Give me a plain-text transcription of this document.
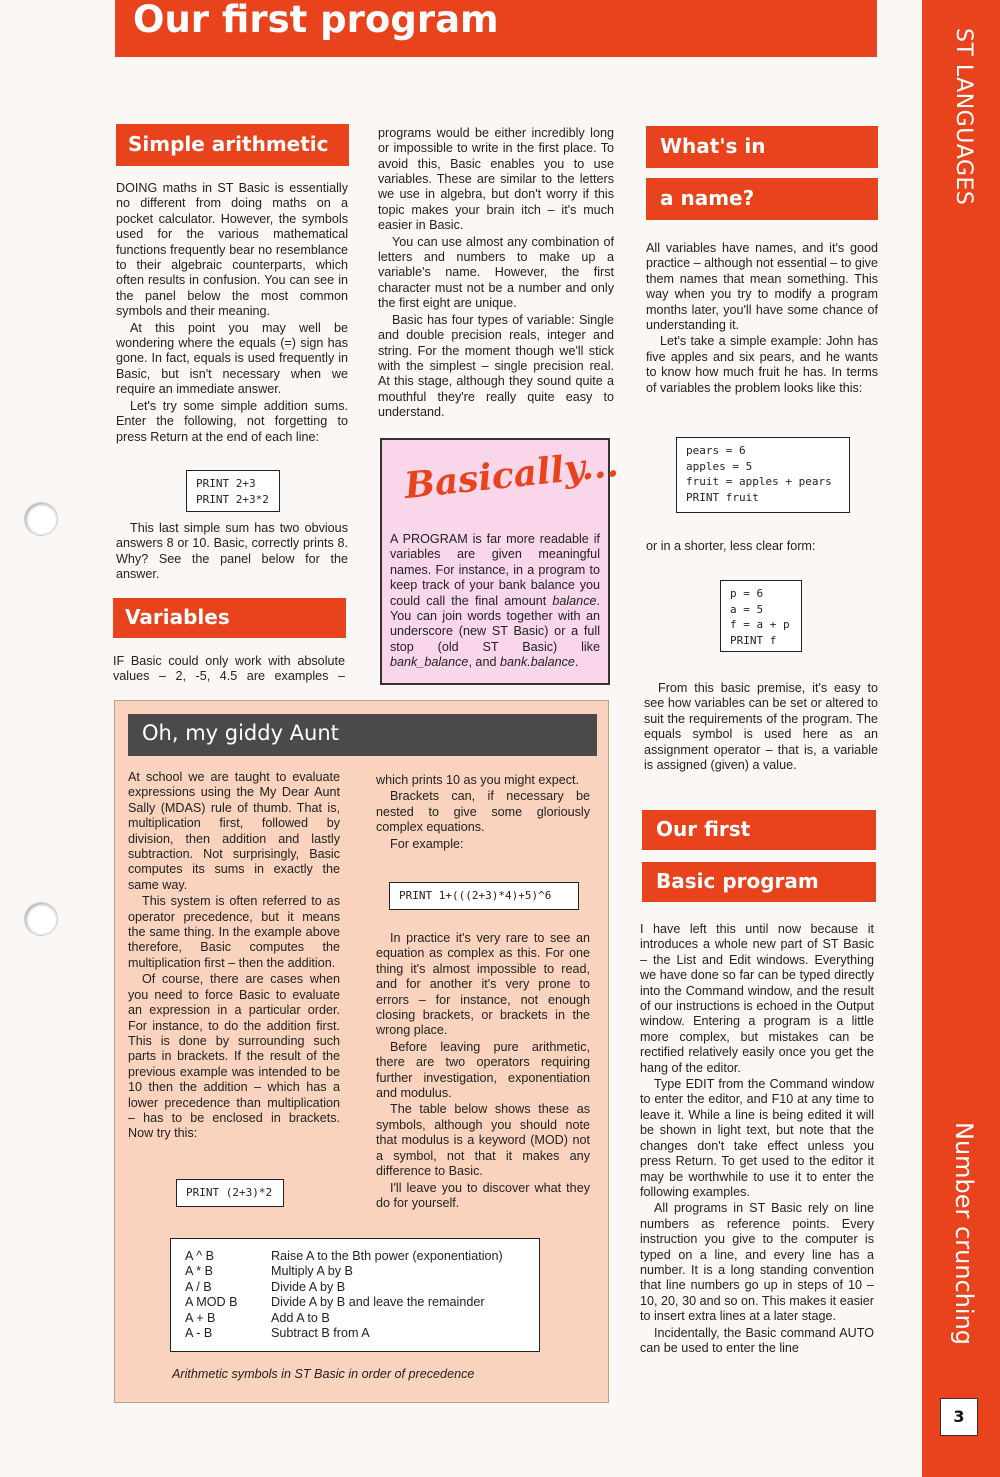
Our first program
ST LANGUAGES
Number crunching
3
Simple arithmetic

DOING maths in ST Basic is essentially no different from doing maths on a pocket calculator. However, the symbols used for the various mathematical functions frequently bear no resemblance to their algebraic counterparts, which often results in confusion. You can see in the panel below the most common symbols and their meaning.

At this point you may well be wondering where the equals (=) sign has gone. In fact, equals is used frequently in Basic, but isn't necessary when we require an immediate answer.

Let's try some simple addition sums. Enter the following, not forgetting to press Return at the end of each line:

PRINT 2+3
PRINT 2+3*2

This last simple sum has two obvious answers 8 or 10. Basic, correctly prints 8. Why? See the panel below for the answer.

Variables

IF Basic could only work with absolute values – 2, -5, 4.5 are examples –

programs would be either incredibly long or impossible to write in the first place. To avoid this, Basic enables you to use variables. These are similar to the letters we use in algebra, but don't worry if this topic makes your brain itch – it's much easier in Basic.

You can use almost any combination of letters and numbers to make up a variable's name. However, the first character must not be a number and only the first eight are unique.

Basic has four types of variable: Single and double precision reals, integer and string. For the moment though we'll stick with the simplest – single precision real. At this stage, although they sound quite a mouthful they're really quite easy to understand.

Basically...
A PROGRAM is far more readable if variables are given meaningful names. For instance, in a program to keep track of your bank balance you could call the final amount balance. You can join words together with an underscore (new ST Basic) or a full stop (old ST Basic) like bank_balance, and bank.balance.
What's in
a name?

All variables have names, and it's good practice – although not essential – to give them names that mean something. This way when you try to modify a program months later, you'll have some chance of understanding it.

Let's take a simple example: John has five apples and six pears, and he wants to know how much fruit he has. In terms of variables the problem looks like this:

pears = 6
apples = 5
fruit = apples + pears
PRINT fruit

or in a shorter, less clear form:

p = 6
a = 5
f = a + p
PRINT f

From this basic premise, it's easy to see how variables can be set or altered to suit the requirements of the program. The equals symbol is used here as an assignment operator – that is, a variable is assigned (given) a value.

Our first
Basic program

I have left this until now because it introduces a whole new part of ST Basic – the List and Edit windows. Everything we have done so far can be typed directly into the Command window, and the result of our instructions is echoed in the Output window. Entering a program is a little more complex, but mistakes can be rectified relatively easily once you get the hang of the editor.

Type EDIT from the Command window to enter the editor, and F10 at any time to leave it. While a line is being edited it will be shown in light text, but note that the changes don't take effect unless you press Return. To get used to the editor it may be worthwhile to use it to enter the following examples.

All programs in ST Basic rely on line numbers as reference points. Every instruction you give to the computer is typed on a line, and every line has a number. It is a long standing convention that line numbers go up in steps of 10 – 10, 20, 30 and so on. This makes it easier to insert extra lines at a later stage.

Incidentally, the Basic command AUTO can be used to enter the line

Oh, my giddy Aunt

At school we are taught to evaluate expressions using the My Dear Aunt Sally (MDAS) rule of thumb. That is, multiplication first, followed by division, then addition and lastly subtraction. Not surprisingly, Basic computes its sums in exactly the same way.

This system is often referred to as operator precedence, but it means the same thing. In the example above therefore, Basic computes the multiplication first – then the addition.

Of course, there are cases when you need to force Basic to evaluate an expression in a particular order. For instance, to do the addition first. This is done by surrounding such parts in brackets. If the result of the previous example was intended to be 10 then the addition – which has a lower precedence than multiplication – has to be enclosed in brackets. Now try this:

PRINT (2+3)*2

which prints 10 as you might expect.

Brackets can, if necessary be nested to give some gloriously complex equations.

For example:

PRINT 1+(((2+3)*4)+5)^6

In practice it's very rare to see an equation as complex as this. For one thing it's almost impossible to read, and for another it's very prone to errors – for instance, not enough closing brackets, or brackets in the wrong place.

Before leaving pure arithmetic, there are two operators requiring further investigation, exponentiation and modulus.

The table below shows these as symbols, although you should note that modulus is a keyword (MOD) not a symbol, not that it makes any difference to Basic.

I'll leave you to discover what they do for yourself.

A ^ B	Raise A to the Bth power (exponentiation)
A * B	Multiply A by B
A / B	Divide A by B
A MOD B	Divide A by B and leave the remainder
A + B	Add A to B
A - B	Subtract B from A
Arithmetic symbols in ST Basic in order of precedence
